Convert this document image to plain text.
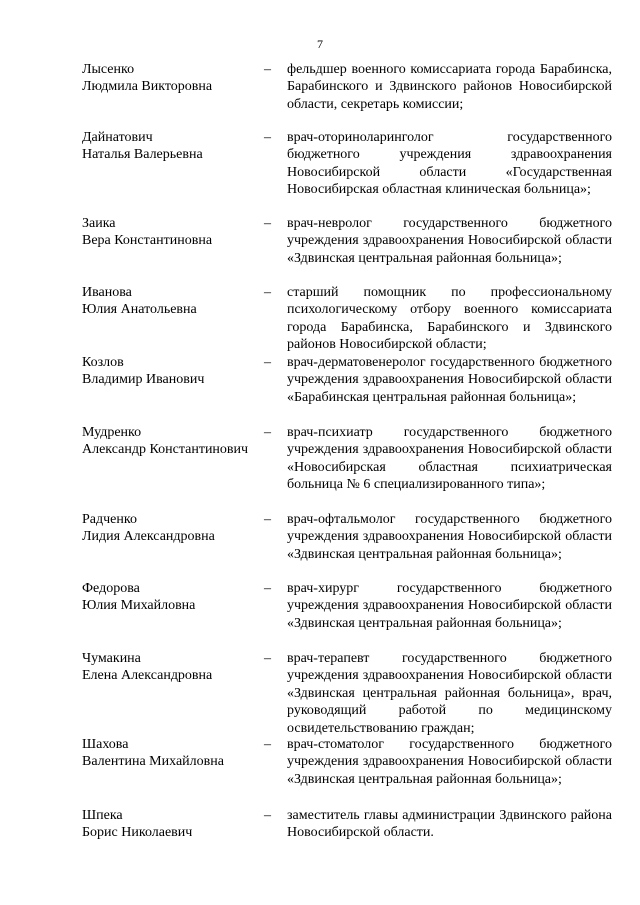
7
Лысенко
Людмила Викторовна
– фельдшер военного комиссариата города Барабинска, Барабинского и Здвинского районов Новосибирской области, секретарь комиссии;
Дайнатович
Наталья Валерьевна
– врач-оториноларинголог государственного бюджетного учреждения здравоохранения Новосибирской области «Государственная Новосибирская областная клиническая больница»;
Заика
Вера Константиновна
– врач-невролог государственного бюджетного учреждения здравоохранения Новосибирской области «Здвинская центральная районная больница»;
Иванова
Юлия Анатольевна
– старший помощник по профессиональному психологическому отбору военного комиссариата города Барабинска, Барабинского и Здвинского районов Новосибирской области;
Козлов
Владимир Иванович
– врач-дерматовенеролог государственного бюджетного учреждения здравоохранения Новосибирской области «Барабинская центральная районная больница»;
Мудренко
Александр Константинович
– врач-психиатр государственного бюджетного учреждения здравоохранения Новосибирской области «Новосибирская областная психиатрическая больница № 6 специализированного типа»;
Радченко
Лидия Александровна
– врач-офтальмолог государственного бюджетного учреждения здравоохранения Новосибирской области «Здвинская центральная районная больница»;
Федорова
Юлия Михайловна
– врач-хирург государственного бюджетного учреждения здравоохранения Новосибирской области «Здвинская центральная районная больница»;
Чумакина
Елена Александровна
– врач-терапевт государственного бюджетного учреждения здравоохранения Новосибирской области «Здвинская центральная районная больница», врач, руководящий работой по медицинскому освидетельствованию граждан;
Шахова
Валентина Михайловна
– врач-стоматолог государственного бюджетного учреждения здравоохранения Новосибирской области «Здвинская центральная районная больница»;
Шпека
Борис Николаевич
– заместитель главы администрации Здвинского района Новосибирской области.
